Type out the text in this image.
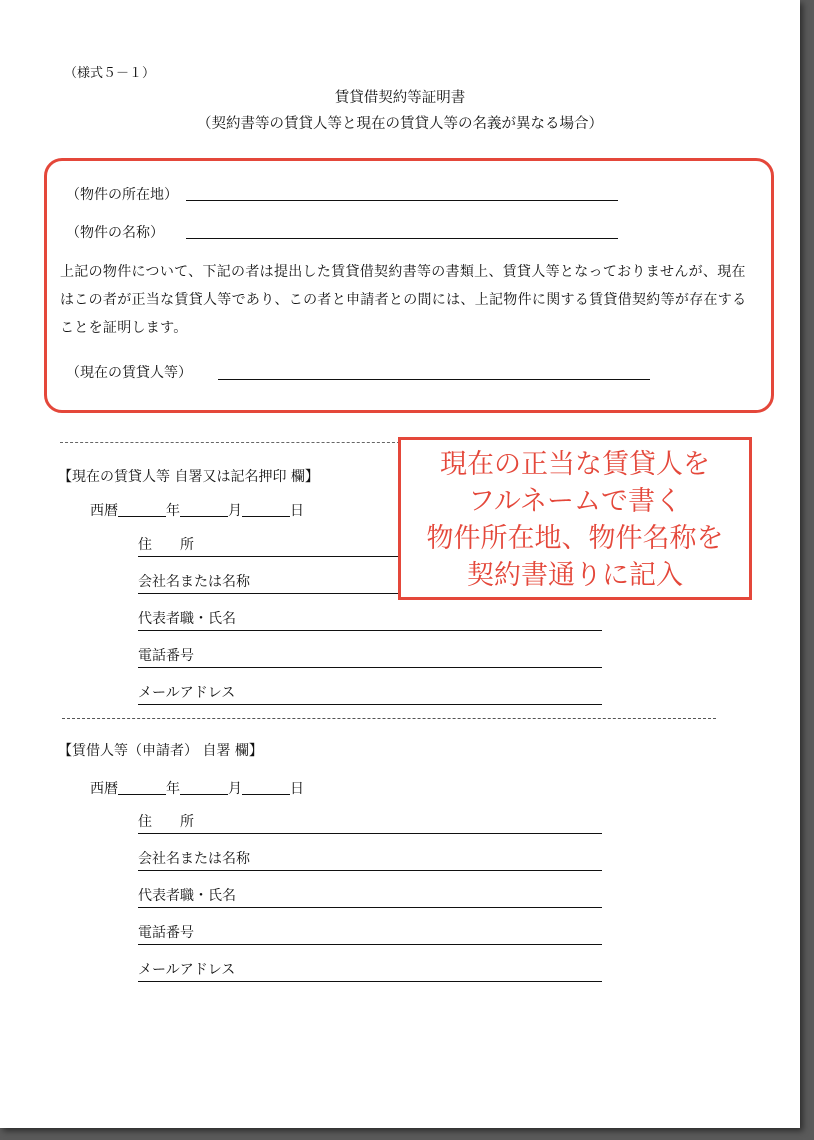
（様式５－１）
賃貸借契約等証明書
（契約書等の賃貸人等と現在の賃貸人等の名義が異なる場合）
（物件の所在地）
（物件の名称）
上記の物件について、下記の者は提出した賃貸借契約書等の書類上、賃貸人等となっておりませんが、現在はこの者が正当な賃貸人等であり、この者と申請者との間には、上記物件に関する賃貸借契約等が存在することを証明します。
（現在の賃貸人等）
【現在の賃貸人等 自署又は記名押印 欄】
西暦	年	月	日
住　　所
会社名または名称
代表者職・氏名
電話番号
メールアドレス
【賃借人等（申請者） 自署 欄】
西暦	年	月	日
住　　所
会社名または名称
代表者職・氏名
電話番号
メールアドレス
現在の正当な賃貸人を
フルネームで書く
物件所在地、物件名称を
契約書通りに記入
